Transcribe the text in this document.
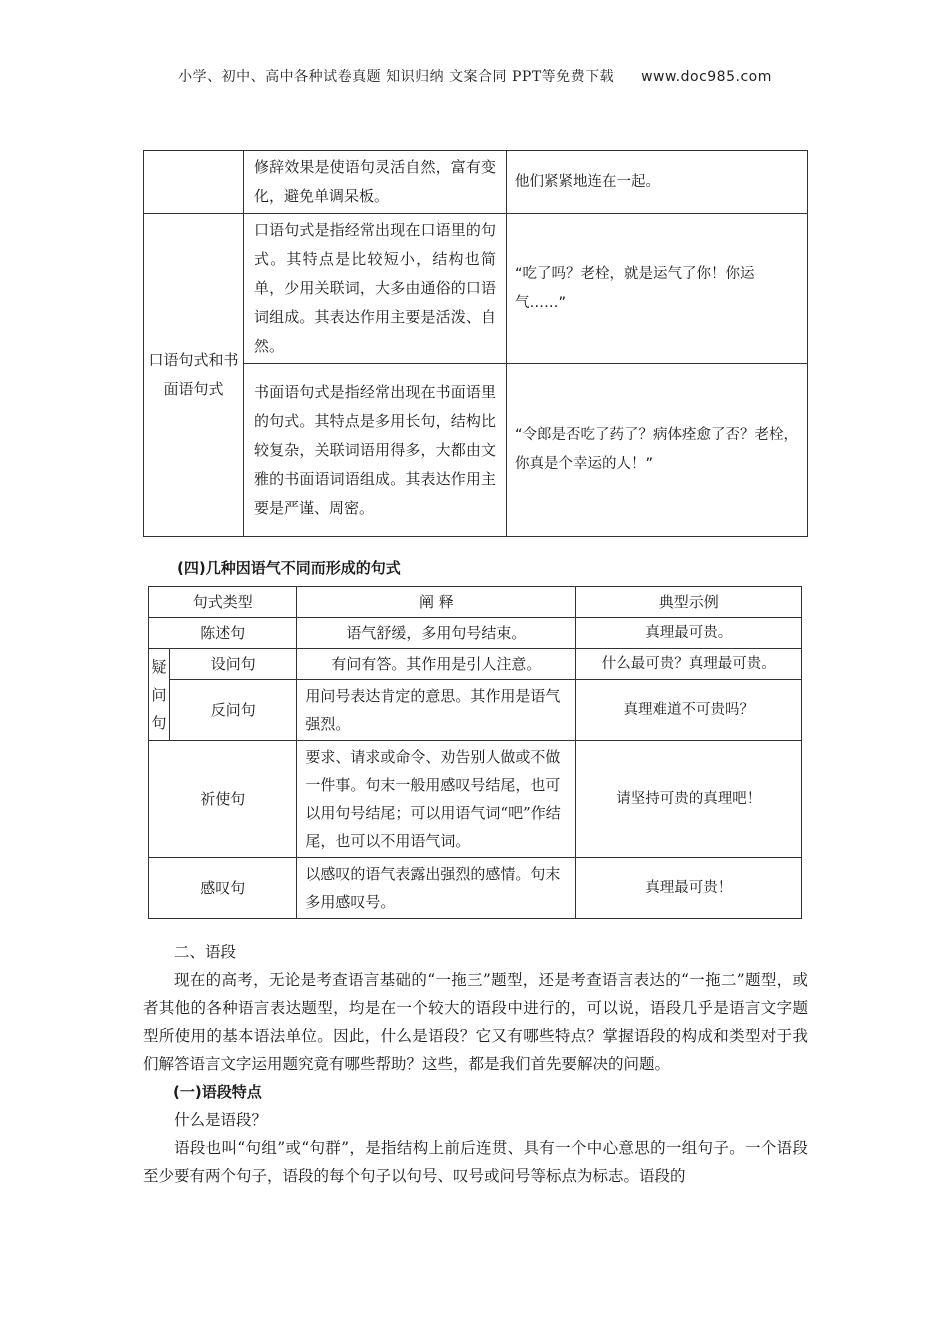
小学、初中、高中各种试卷真题 知识归纳 文案合同 PPT等免费下载 www.doc985.com
	修辞效果是使语句灵活自然，富有变化，避免单调呆板。	他们紧紧地连在一起。
口语句式和书面语句式	口语句式是指经常出现在口语里的句式。其特点是比较短小，结构也简单，少用关联词，大多由通俗的口语词组成。其表达作用主要是活泼、自然。	“吃了吗？老栓，就是运气了你！你运气……”
	书面语句式是指经常出现在书面语里的句式。其特点是多用长句，结构比较复杂，关联词语用得多，大都由文雅的书面语词语组成。其表达作用主要是严谨、周密。	“令郎是否吃了药了？病体痊愈了否？老栓，你真是个幸运的人！”
(四)几种因语气不同而形成的句式
句式类型		阐 释	典型示例
陈述句		语气舒缓，多用句号结束。	真理最可贵。
疑
问
句	设问句	有问有答。其作用是引人注意。	什么最可贵？真理最可贵。
	反问句	用问号表达肯定的意思。其作用是语气强烈。	真理难道不可贵吗？
祈使句		要求、请求或命令、劝告别人做或不做一件事。句末一般用感叹号结尾，也可以用句号结尾；可以用语气词“吧”作结尾，也可以不用语气词。	请坚持可贵的真理吧！
感叹句		以感叹的语气表露出强烈的感情。句末多用感叹号。	真理最可贵！

二、语段

现在的高考，无论是考查语言基础的“一拖三”题型，还是考查语言表达的“一拖二”题型，或者其他的各种语言表达题型，均是在一个较大的语段中进行的，可以说，语段几乎是语言文字题型所使用的基本语法单位。因此，什么是语段？它又有哪些特点？掌握语段的构成和类型对于我们解答语言文字运用题究竟有哪些帮助？这些，都是我们首先要解决的问题。

(一)语段特点

什么是语段？

语段也叫“句组”或“句群”，是指结构上前后连贯、具有一个中心意思的一组句子。一个语段至少要有两个句子，语段的每个句子以句号、叹号或问号等标点为标志。语段的
